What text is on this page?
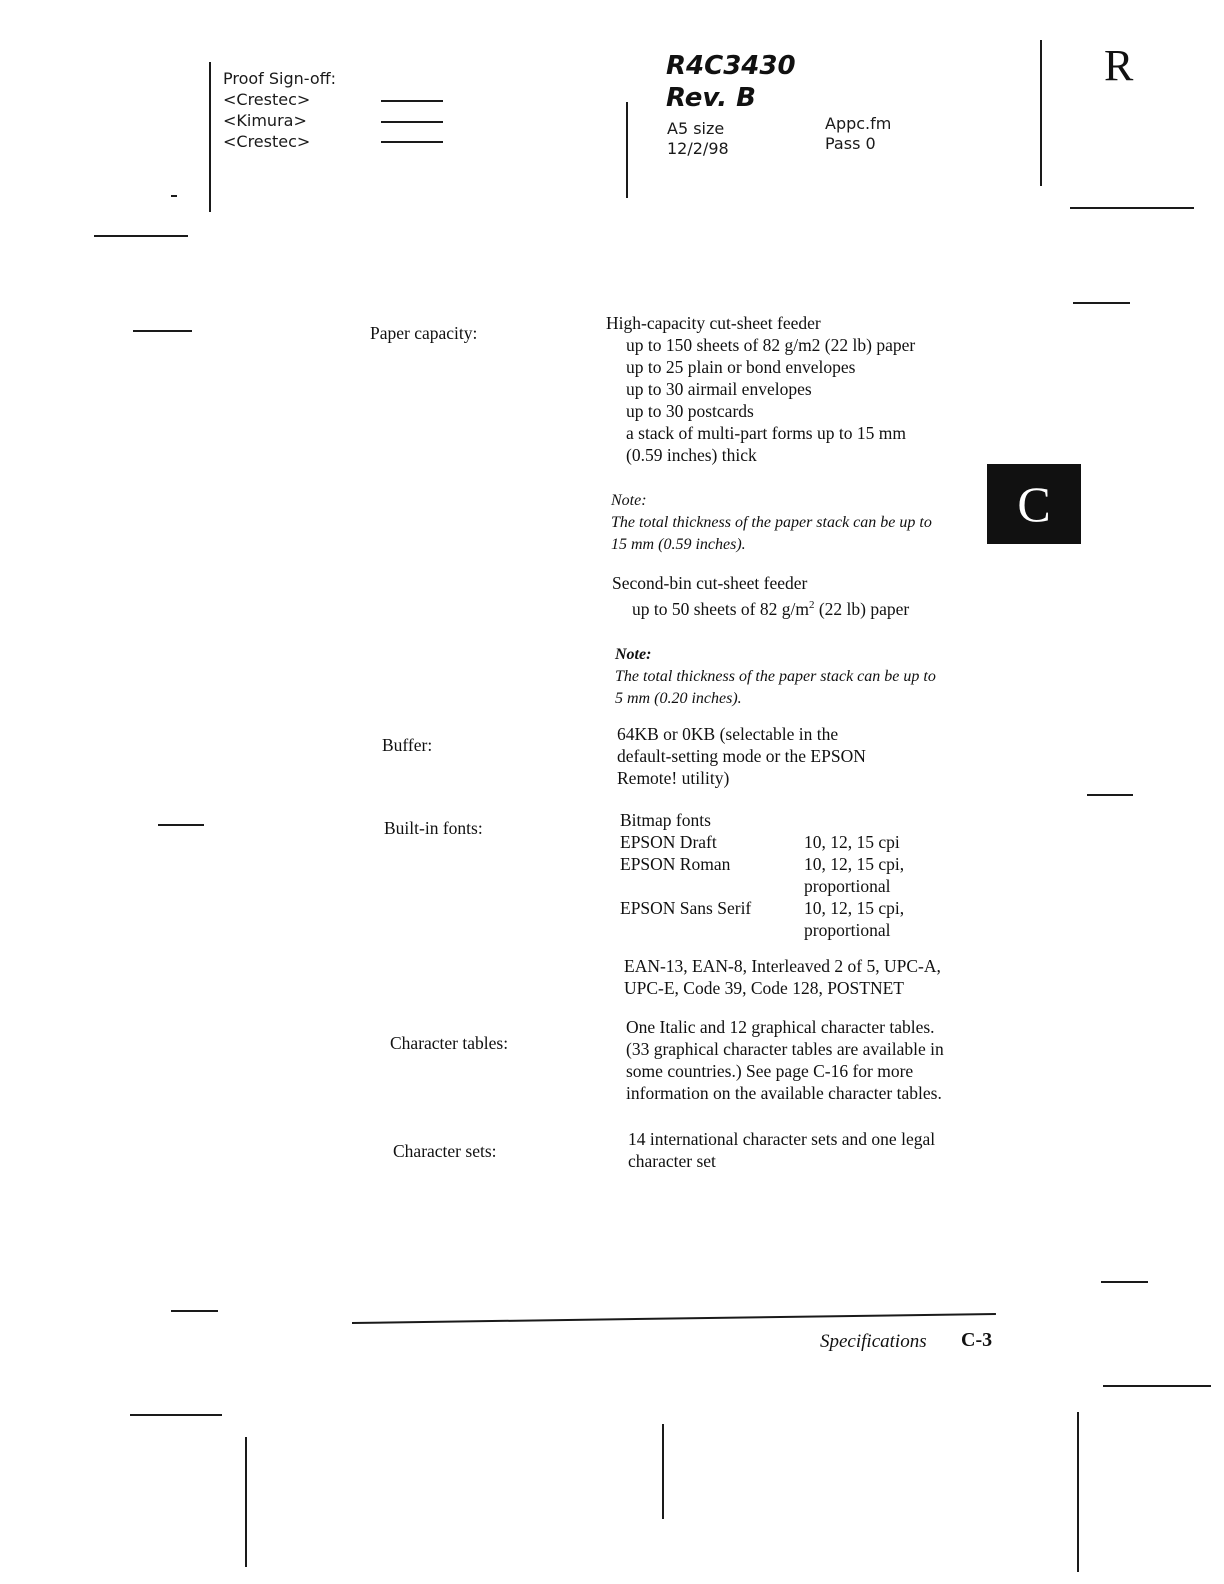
Proof Sign-off:
<Crestec>
<Kimura>
<Crestec>
R4C3430
Rev. B
A5 size
12/2/98
Appc.fm
Pass 0
R
C
Paper capacity:	High-capacity cut-sheet feeder
up to 150 sheets of 82 g/m2 (22 lb) paper
up to 25 plain or bond envelopes
up to 30 airmail envelopes
up to 30 postcards
a stack of multi-part forms up to 15 mm
(0.59 inches) thick
Note:
The total thickness of the paper stack can be up to
15 mm (0.59 inches).
Second-bin cut-sheet feeder
up to 50 sheets of 82 $g/m^2$ (22 lb) paper
Note:
The total thickness of the paper stack can be up to
5 mm (0.20 inches).
Buffer:
64KB or 0KB (selectable in the
default-setting mode or the EPSON
Remote! utility)
Built-in fonts:	Bitmap fonts
EPSON Draft	10, 12, 15 cpi
EPSON Roman	10, 12, 15 cpi,
proportional
EPSON Sans Serif	10, 12, 15 cpi,
proportional
EAN-13, EAN-8, Interleaved 2 of 5, UPC-A,
UPC-E, Code 39, Code 128, POSTNET
Character tables:
One Italic and 12 graphical character tables.
(33 graphical character tables are available in
some countries.) See page C-16 for more
information on the available character tables.
Character sets:
14 international character sets and one legal
character set
Specifications C-3
